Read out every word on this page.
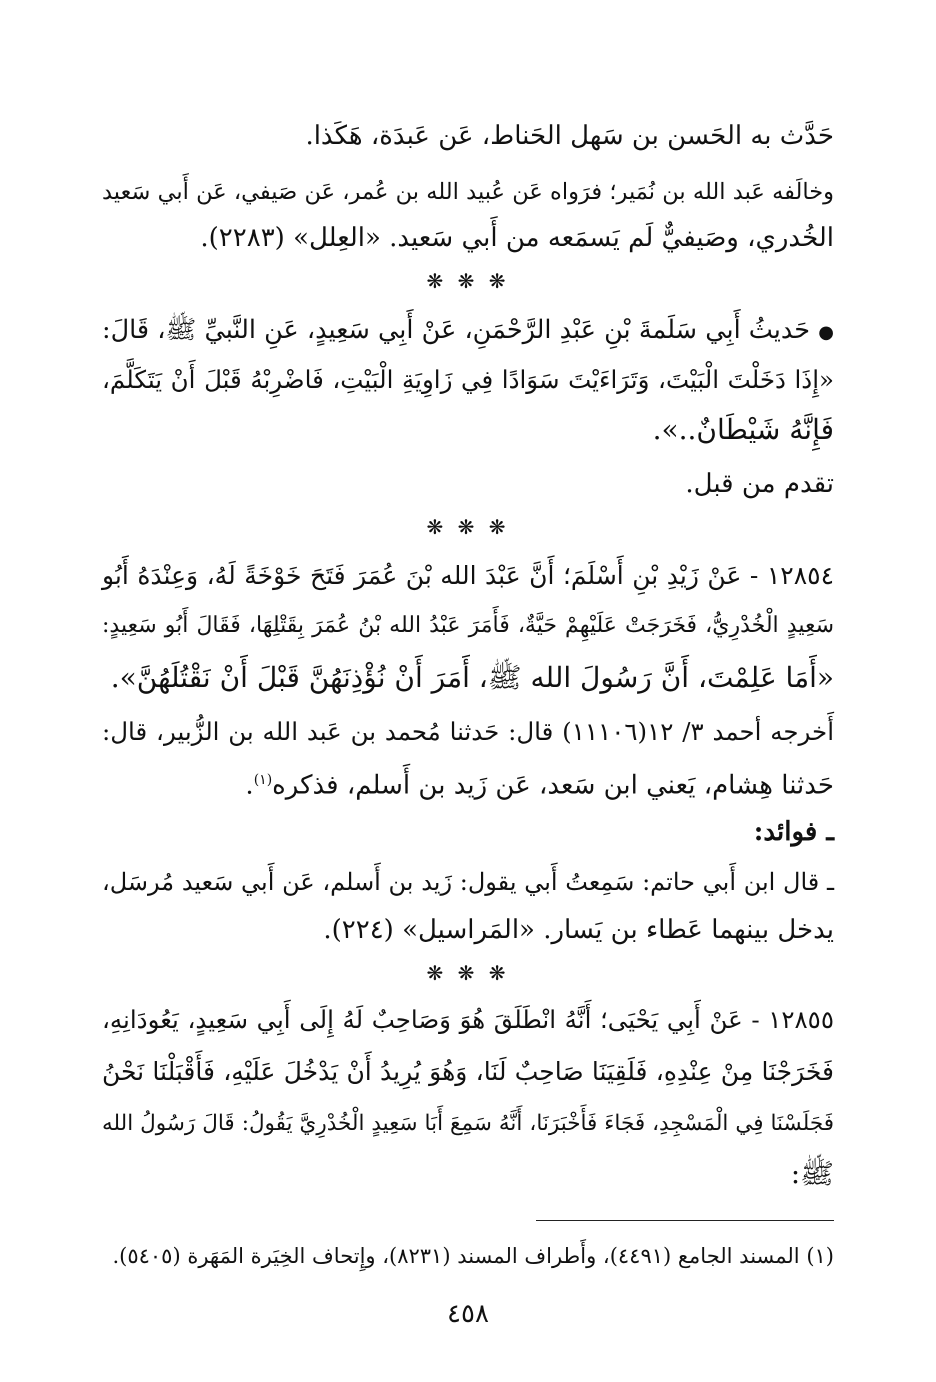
حَدَّث به الحَسن بن سَهل الحَناط، عَن عَبدَة، هَكَذا.
وخالَفه عَبد الله بن نُمَير؛ فرَواه عَن عُبيد الله بن عُمر، عَن صَيفي، عَن أَبي سَعيد
الخُدري، وصَيفيٌّ لَم يَسمَعه من أَبي سَعيد. «العِلل» (٢٢٨٣).
❋ ❋ ❋
● حَديثُ أَبِي سَلَمةَ بْنِ عَبْدِ الرَّحْمَنِ، عَنْ أَبِي سَعِيدٍ، عَنِ النَّبيِّ ﷺ، قَالَ:
«إِذَا دَخَلْتَ الْبَيْتَ، وَتَرَاءَيْتَ سَوَادًا فِي زَاوِيَةِ الْبَيْتِ، فَاضْرِبْهُ قَبْلَ أَنْ يَتَكَلَّمَ،
فَإِنَّهُ شَيْطَانٌ..».
تقدم من قبل.
❋ ❋ ❋
١٢٨٥٤ - عَنْ زَيْدِ بْنِ أَسْلَمَ؛ أَنَّ عَبْدَ الله بْنَ عُمَرَ فَتَحَ خَوْخَةً لَهُ، وَعِنْدَهُ أَبُو
سَعِيدٍ الْخُدْرِيُّ، فَخَرَجَتْ عَلَيْهِمْ حَيَّةٌ، فَأَمَرَ عَبْدُ الله بْنُ عُمَرَ بِقَتْلِهَا، فَقَالَ أَبُو سَعِيدٍ:
«أَمَا عَلِمْتَ، أَنَّ رَسُولَ الله ﷺ، أَمَرَ أَنْ نُؤْذِنَهُنَّ قَبْلَ أَنْ نَقْتُلَهُنَّ».
أَخرجه أحمد ٣/ ١٢(١١١٠٦) قال: حَدثنا مُحمد بن عَبد الله بن الزُّبير، قال:
حَدثنا هِشام، يَعني ابن سَعد، عَن زَيد بن أَسلم، فذكره$^{(١)}$.
ـ فوائد:
ـ قال ابن أَبي حاتم: سَمِعتُ أَبي يقول: زَيد بن أَسلم، عَن أَبي سَعيد مُرسَل،
يدخل بينهما عَطاء بن يَسار. «المَراسيل» (٢٢٤).
❋ ❋ ❋
١٢٨٥٥ - عَنْ أَبِي يَحْيَى؛ أَنَّهُ انْطَلَقَ هُوَ وَصَاحِبٌ لَهُ إِلَى أَبِي سَعِيدٍ، يَعُودَانِهِ،
فَخَرَجْنَا مِنْ عِنْدِهِ، فَلَقِيَنَا صَاحِبٌ لَنَا، وَهُوَ يُرِيدُ أَنْ يَدْخُلَ عَلَيْهِ، فَأَقْبَلْنَا نَحْنُ
فَجَلَسْنَا فِي الْمَسْجِدِ، فَجَاءَ فَأَخْبَرَنَا، أَنَّهُ سَمِعَ أَبَا سَعِيدٍ الْخُدْرِيَّ يَقُولُ: قَالَ رَسُولُ الله
ﷺ:
(١) المسند الجامع (٤٤٩١)، وأَطراف المسند (٨٢٣١)، وإِتحاف الخِيَرة المَهَرة (٥٤٠٥).
٤٥٨
